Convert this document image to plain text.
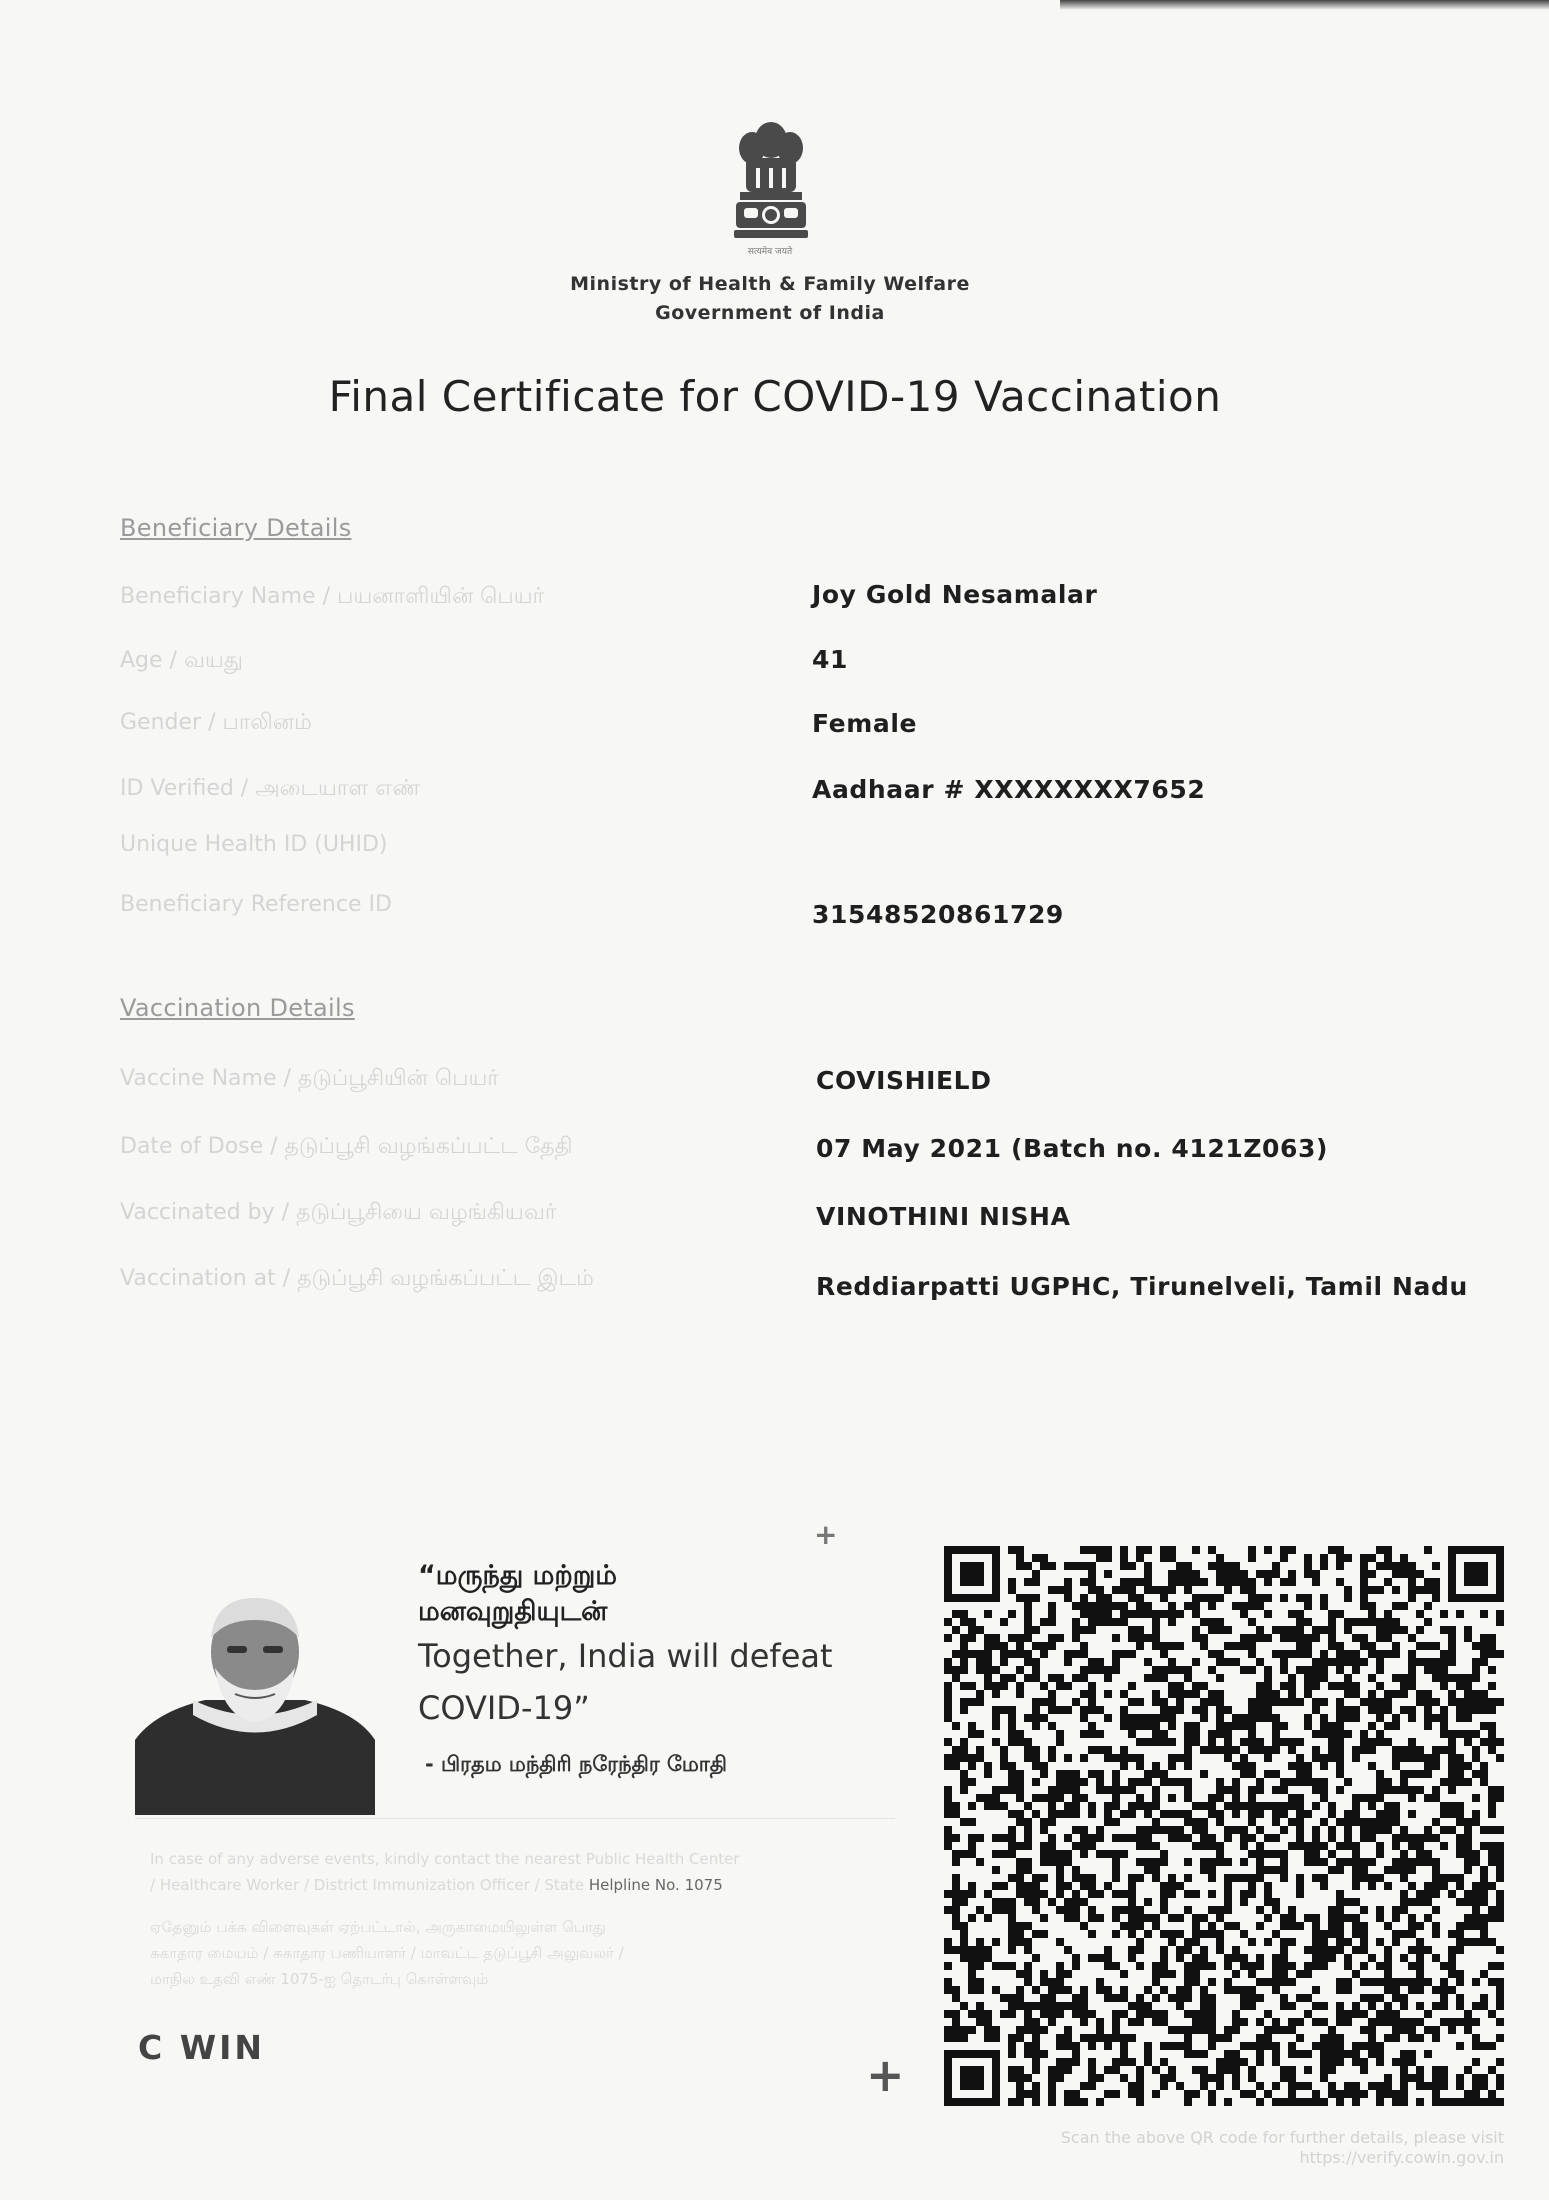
सत्यमेव जयते
Ministry of Health & Family Welfare
Government of India
Final Certificate for COVID-19 Vaccination
Beneficiary Details
Beneficiary Name / பயனாளியின் பெயர்	Joy Gold Nesamalar
Age / வயது	41
Gender / பாலினம்	Female
ID Verified / அடையாள எண்	Aadhaar # XXXXXXXX7652
Unique Health ID (UHID)
Beneficiary Reference ID	31548520861729
Vaccination Details
Vaccine Name / தடுப்பூசியின் பெயர்	COVISHIELD
Date of Dose / தடுப்பூசி வழங்கப்பட்ட தேதி	07 May 2021 (Batch no. 4121Z063)
Vaccinated by / தடுப்பூசியை வழங்கியவர்	VINOTHINI NISHA
Vaccination at / தடுப்பூசி வழங்கப்பட்ட இடம்	Reddiarpatti UGPHC, Tirunelveli, Tamil Nadu
“மருந்து மற்றும்
மனவுறுதியுடன்
Together, India will defeat
COVID-19”
- பிரதம மந்திரி நரேந்திர மோதி
In case of any adverse events, kindly contact the nearest Public Health Center
/ Healthcare Worker / District Immunization Officer / State Helpline No. 1075
ஏதேனும் பக்க விளைவுகள் ஏற்பட்டால், அருகாமையிலுள்ள பொது
சுகாதார மையம் / சுகாதார பணியாளர் / மாவட்ட தடுப்பூசி அலுவலர் /
மாநில உதவி எண் 1075-ஐ தொடர்பு கொள்ளவும்
C WIN
+
+
Scan the above QR code for further details, please visit
https://verify.cowin.gov.in
